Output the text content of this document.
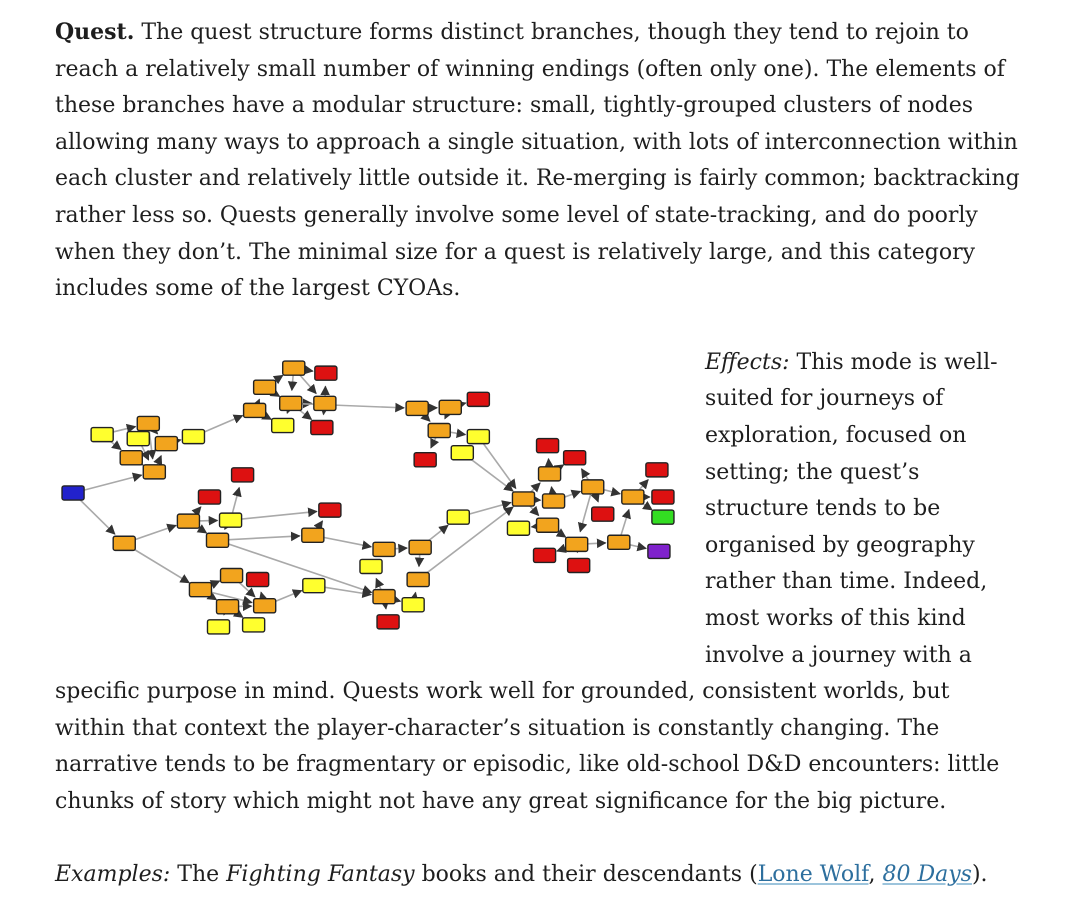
Quest. The quest structure forms distinct branches, though they tend to rejoin to reach a relatively small number of winning endings (often only one). The elements of these branches have a modular structure: small, tightly-grouped clusters of nodes
allowing many ways to approach a single situation, with lots of interconnection within each cluster and relatively little outside it. Re-merging is fairly common; backtracking rather less so. Quests generally involve some level of state-tracking, and do poorly when they don’t. The minimal size for a quest is relatively large, and this category includes some of the largest CYOAs.

Effects: This mode is well-suited for journeys of exploration, focused on setting; the quest’s structure tends to be organised by geography rather than time. Indeed, most works of this kind involve a journey with a specific purpose in mind. Quests work well for grounded, consistent worlds, but within that context the player-character’s situation is constantly changing. The narrative tends to be fragmentary or episodic, like old-school D&D encounters: little chunks of story which might not have any great significance for the big picture.

Examples: The Fighting Fantasy books and their descendants (Lone Wolf, 80 Days).
